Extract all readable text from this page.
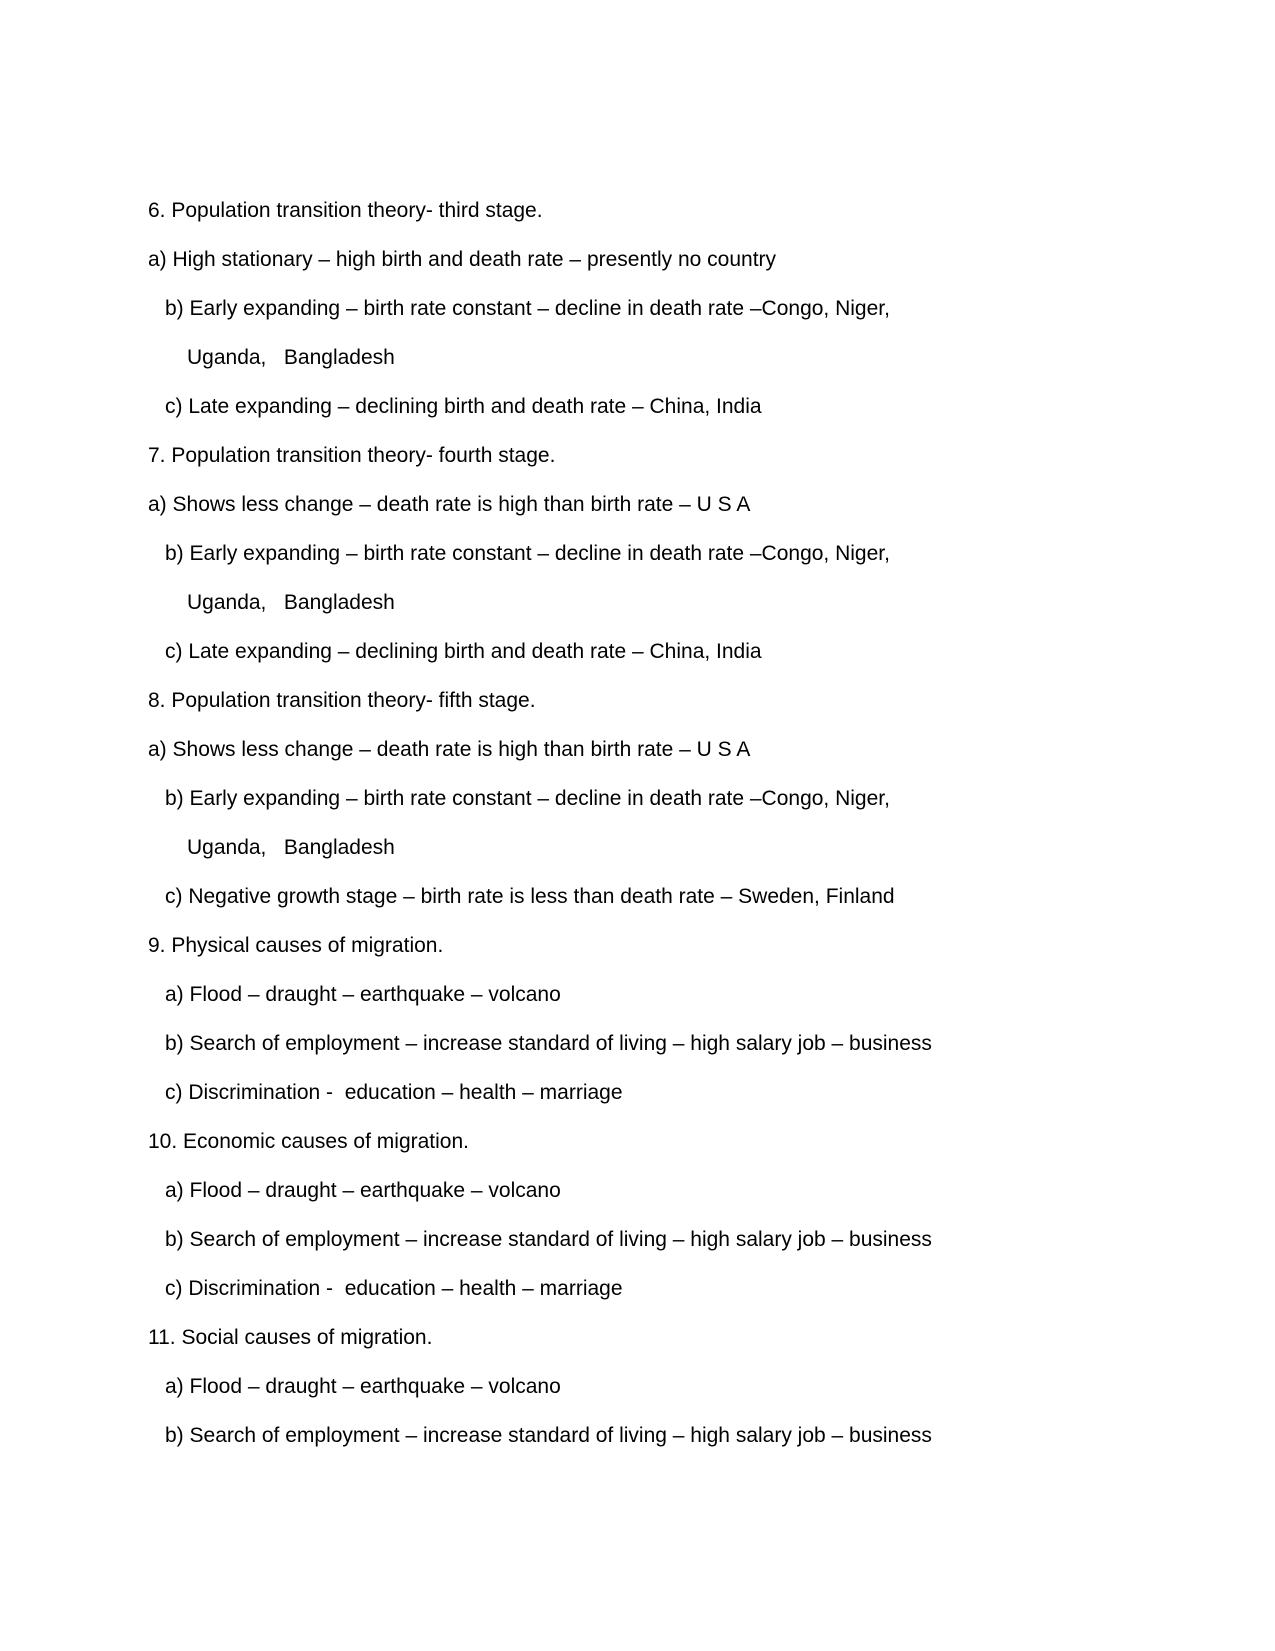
6. Population transition theory- third stage.
a) High stationary – high birth and death rate – presently no country
b) Early expanding – birth rate constant – decline in death rate –Congo, Niger,
Uganda,   Bangladesh
c) Late expanding – declining birth and death rate – China, India
7. Population transition theory- fourth stage.
a) Shows less change – death rate is high than birth rate – U S A
b) Early expanding – birth rate constant – decline in death rate –Congo, Niger,
Uganda,   Bangladesh
c) Late expanding – declining birth and death rate – China, India
8. Population transition theory- fifth stage.
a) Shows less change – death rate is high than birth rate – U S A
b) Early expanding – birth rate constant – decline in death rate –Congo, Niger,
Uganda,   Bangladesh
c) Negative growth stage – birth rate is less than death rate – Sweden, Finland
9. Physical causes of migration.
a) Flood – draught – earthquake – volcano
b) Search of employment – increase standard of living – high salary job – business
c) Discrimination -  education – health – marriage
10. Economic causes of migration.
a) Flood – draught – earthquake – volcano
b) Search of employment – increase standard of living – high salary job – business
c) Discrimination -  education – health – marriage
11. Social causes of migration.
a) Flood – draught – earthquake – volcano
b) Search of employment – increase standard of living – high salary job – business
